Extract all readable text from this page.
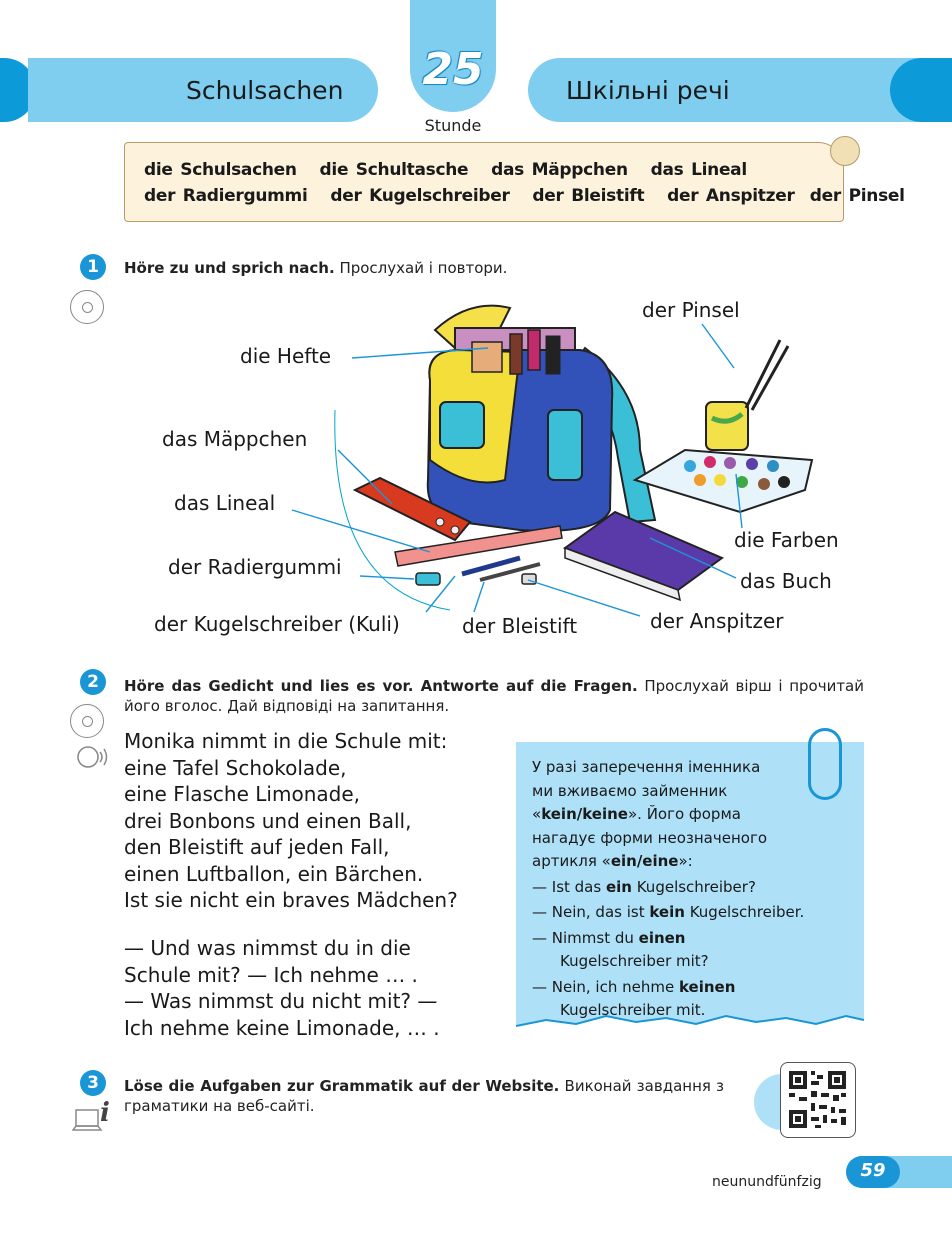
Schulsachen	Шкільні речі
25
Stunde
die Schulsachen   die Schultasche   das Mäppchen   das Lineal
der Radiergummi   der Kugelschreiber   der Bleistift   der Anspitzer  der Pinsel
1	Höre zu und sprich nach. Прослухай і повтори.
der Pinsel
die Hefte
das Mäppchen
das Lineal
der Radiergummi
der Kugelschreiber (Kuli)	der Bleistift	der Anspitzer
das Buch
die Farben
2	Höre das Gedicht und lies es vor. Antworte auf die Fragen. Прослухай вірш і прочитай його вголос. Дай відповіді на запитання.
Monika nimmt in die Schule mit:
eine Tafel Schokolade,
eine Flasche Limonade,
drei Bonbons und einen Ball,
den Bleistift auf jeden Fall,
einen Luftballon, ein Bärchen.
Ist sie nicht ein braves Mädchen?
— Und was nimmst du in die
Schule mit? — Ich nehme … .
— Was nimmst du nicht mit? —
Ich nehme keine Limonade, … .
У разі заперечення іменника
ми вживаємо займенник
«kein/keine». Його форма
нагадує форми неозначеного
артикля «ein/eine»:
— Ist das ein Kugelschreiber?
— Nein, das ist kein Kugelschreiber.
— Nimmst du einen
Kugelschreiber mit?
— Nein, ich nehme keinen
Kugelschreiber mit.
3	Löse die Aufgaben zur Grammatik auf der Website. Виконай завдання з граматики на веб-сайті.
i
neunundfünfzig
59
